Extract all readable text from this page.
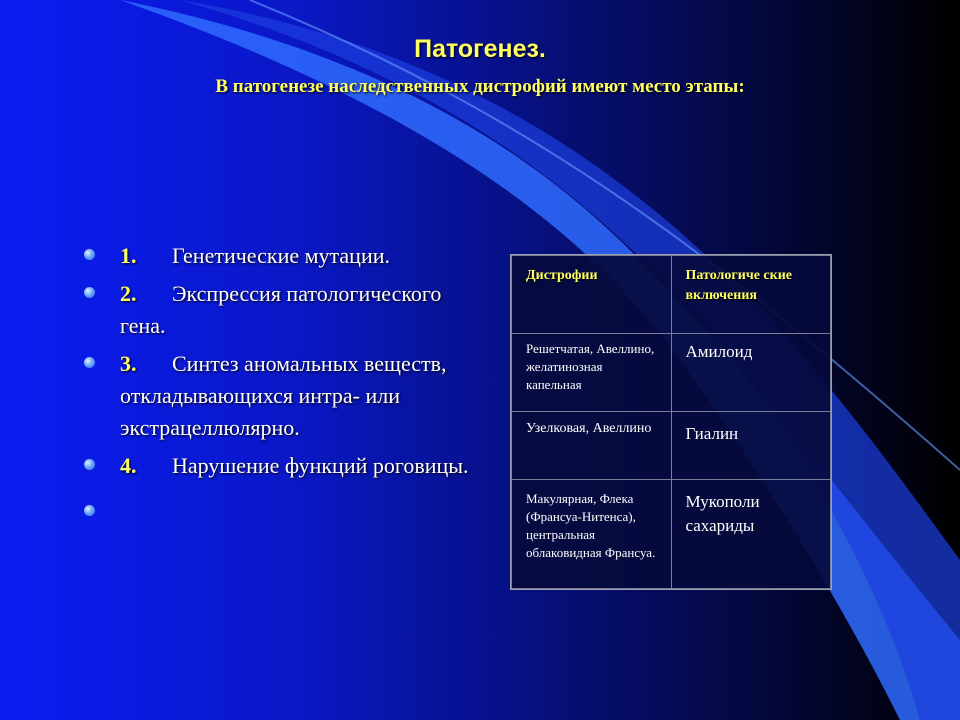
Патогенез.
В патогенезе наследственных дистрофий имеют место этапы:
1. Генетические мутации.
2. Экспрессия патологического гена.
3. Синтез аномальных веществ, откладывающихся интра- или экстрацеллюлярно.
4. Нарушение функций роговицы.

Дистрофии	Патологиче ские включения
Решетчатая, Авеллино, желатинозная капельная	Амилоид
Узелковая, Авеллино	Гиалин
Макулярная, Флека (Франсуа-Нитенса), центральная облаковидная Франсуа.	Мукополи сахариды
